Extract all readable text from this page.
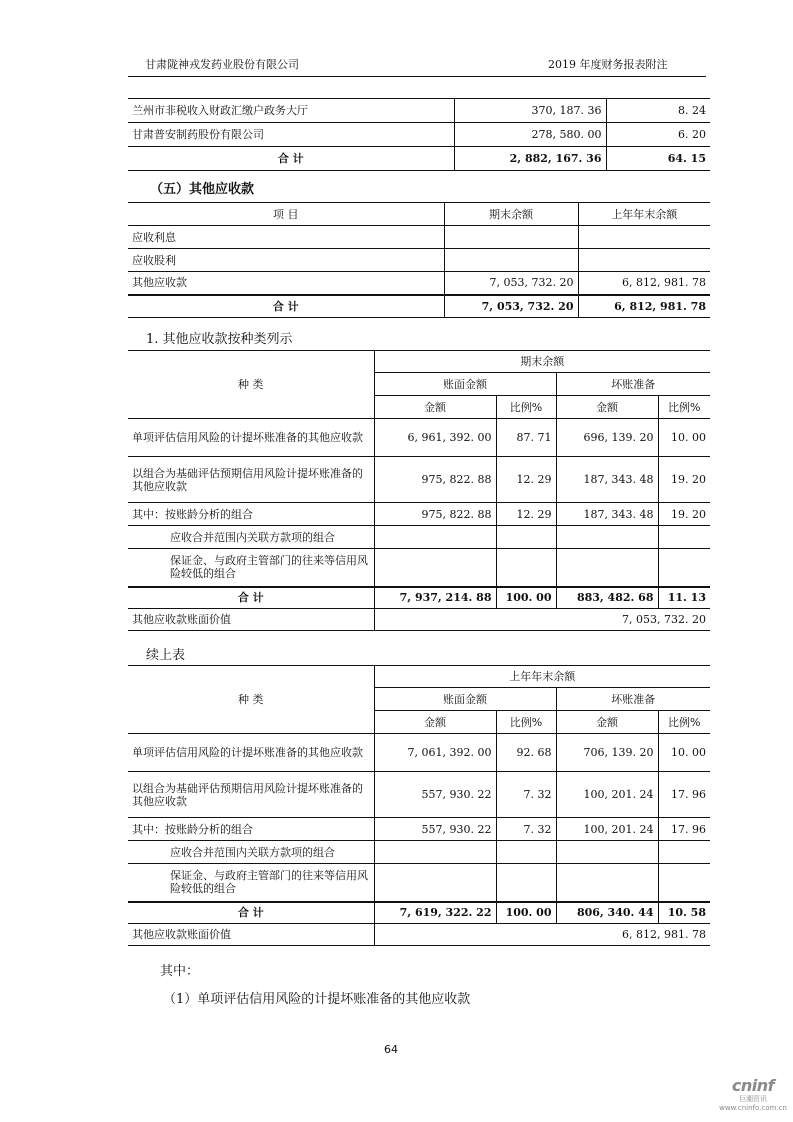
甘肃陇神戎发药业股份有限公司	2019 年度财务报表附注
兰州市非税收入财政汇缴户政务大厅	370, 187. 36	8. 24
甘肃普安制药股份有限公司	278, 580. 00	6. 20
合 计	2, 882, 167. 36	64. 15
（五）其他应收款
项 目	期末余额	上年年末余额
应收利息		
应收股利		
其他应收款	7, 053, 732. 20	6, 812, 981. 78
合 计	7, 053, 732. 20	6, 812, 981. 78
1. 其他应收款按种类列示
种 类	期末余额			
	账面金额		坏账准备	
	金额	比例%	金额	比例%
单项评估信用风险的计提坏账准备的其他应收款	6, 961, 392. 00	87. 71	696, 139. 20	10. 00
以组合为基础评估预期信用风险计提坏账准备的其他应收款	975, 822. 88	12. 29	187, 343. 48	19. 20
其中：按账龄分析的组合	975, 822. 88	12. 29	187, 343. 48	19. 20
应收合并范围内关联方款项的组合				
保证金、与政府主管部门的往来等信用风险较低的组合				
合 计	7, 937, 214. 88	100. 00	883, 482. 68	11. 13
其他应收款账面价值	7, 053, 732. 20			
续上表
种 类	上年年末余额			
	账面金额		坏账准备	
	金额	比例%	金额	比例%
单项评估信用风险的计提坏账准备的其他应收款	7, 061, 392. 00	92. 68	706, 139. 20	10. 00
以组合为基础评估预期信用风险计提坏账准备的其他应收款	557, 930. 22	7. 32	100, 201. 24	17. 96
其中：按账龄分析的组合	557, 930. 22	7. 32	100, 201. 24	17. 96
应收合并范围内关联方款项的组合				
保证金、与政府主管部门的往来等信用风险较低的组合				
合 计	7, 619, 322. 22	100. 00	806, 340. 44	10. 58
其他应收款账面价值	6, 812, 981. 78			
其中：
（1）单项评估信用风险的计提坏账准备的其他应收款
64
cninf
巨潮资讯
www.cninfo.com.cn
